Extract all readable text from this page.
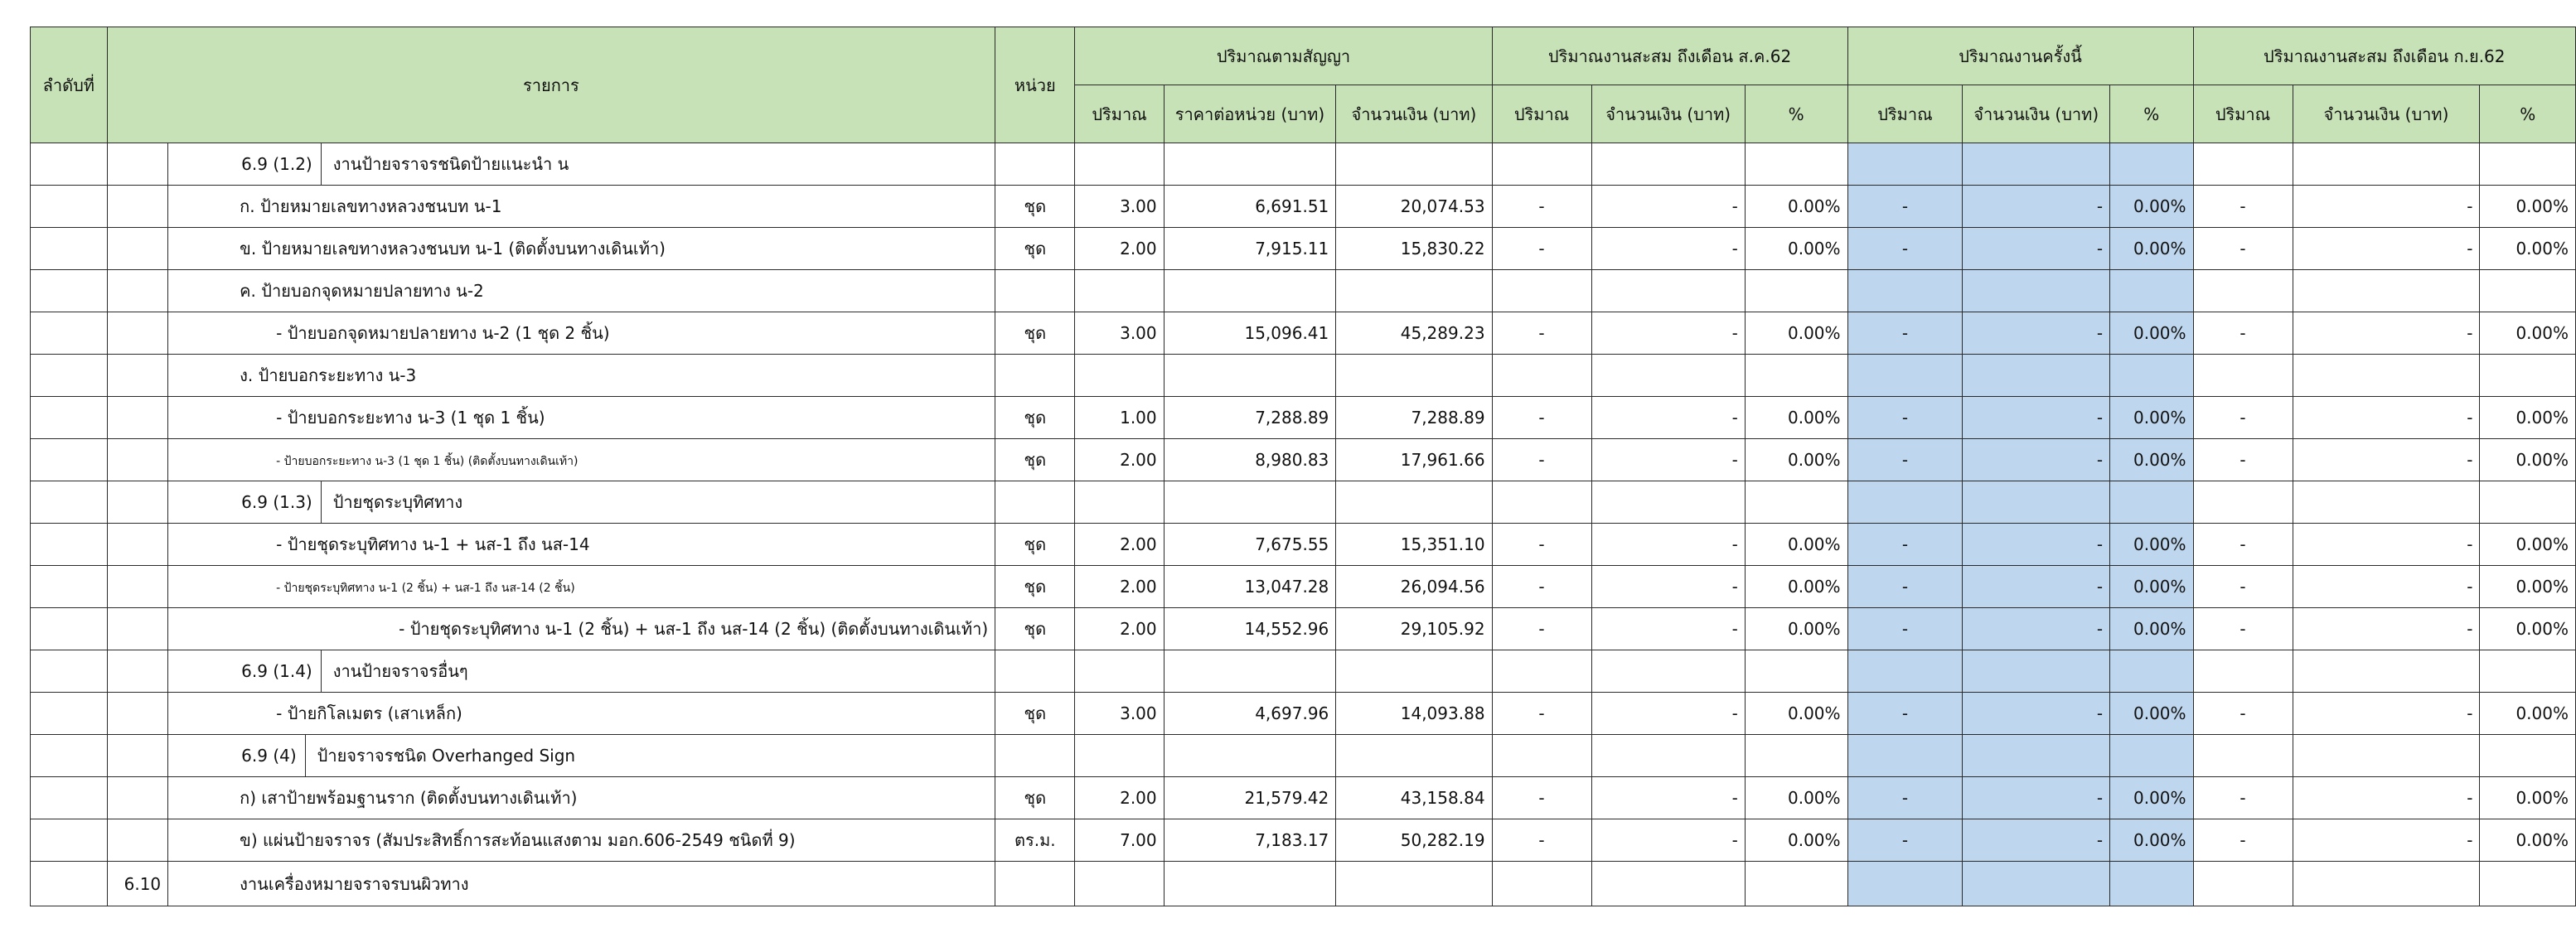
ลำดับที่	รายการ		หน่วย	ปริมาณตามสัญญา			ปริมาณงานสะสม ถึงเดือน ส.ค.62			ปริมาณงานครั้งนี้			ปริมาณงานสะสม ถึงเดือน ก.ย.62		
				ปริมาณ	ราคาต่อหน่วย (บาท)	จำนวนเงิน (บาท)	ปริมาณ	จำนวนเงิน (บาท)	%	ปริมาณ	จำนวนเงิน (บาท)	%	ปริมาณ	จำนวนเงิน (บาท)	%
		6.9 (1.2) งานป้ายจราจรชนิดป้ายแนะนำ น													
		ก. ป้ายหมายเลขทางหลวงชนบท น-1	ชุด	3.00	6,691.51	20,074.53	-	-	0.00%	-	-	0.00%	-	-	0.00%
		ข. ป้ายหมายเลขทางหลวงชนบท น-1 (ติดตั้งบนทางเดินเท้า)	ชุด	2.00	7,915.11	15,830.22	-	-	0.00%	-	-	0.00%	-	-	0.00%
		ค. ป้ายบอกจุดหมายปลายทาง น-2													
		- ป้ายบอกจุดหมายปลายทาง น-2 (1 ชุด 2 ชิ้น)	ชุด	3.00	15,096.41	45,289.23	-	-	0.00%	-	-	0.00%	-	-	0.00%
		ง. ป้ายบอกระยะทาง น-3													
		- ป้ายบอกระยะทาง น-3 (1 ชุด 1 ชิ้น)	ชุด	1.00	7,288.89	7,288.89	-	-	0.00%	-	-	0.00%	-	-	0.00%
		- ป้ายบอกระยะทาง น-3 (1 ชุด 1 ชิ้น) (ติดตั้งบนทางเดินเท้า)	ชุด	2.00	8,980.83	17,961.66	-	-	0.00%	-	-	0.00%	-	-	0.00%
		6.9 (1.3) ป้ายชุดระบุทิศทาง													
		- ป้ายชุดระบุทิศทาง น-1 + นส-1 ถึง นส-14	ชุด	2.00	7,675.55	15,351.10	-	-	0.00%	-	-	0.00%	-	-	0.00%
		- ป้ายชุดระบุทิศทาง น-1 (2 ชิ้น) + นส-1 ถึง นส-14 (2 ชิ้น)	ชุด	2.00	13,047.28	26,094.56	-	-	0.00%	-	-	0.00%	-	-	0.00%
		- ป้ายชุดระบุทิศทาง น-1 (2 ชิ้น) + นส-1 ถึง นส-14 (2 ชิ้น) (ติดตั้งบนทางเดินเท้า)	ชุด	2.00	14,552.96	29,105.92	-	-	0.00%	-	-	0.00%	-	-	0.00%
		6.9 (1.4) งานป้ายจราจรอื่นๆ													
		- ป้ายกิโลเมตร (เสาเหล็ก)	ชุด	3.00	4,697.96	14,093.88	-	-	0.00%	-	-	0.00%	-	-	0.00%
		6.9 (4) ป้ายจราจรชนิด Overhanged Sign													
		ก) เสาป้ายพร้อมฐานราก (ติดตั้งบนทางเดินเท้า)	ชุด	2.00	21,579.42	43,158.84	-	-	0.00%	-	-	0.00%	-	-	0.00%
		ข) แผ่นป้ายจราจร (สัมประสิทธิ์การสะท้อนแสงตาม มอก.606-2549 ชนิดที่ 9)	ตร.ม.	7.00	7,183.17	50,282.19	-	-	0.00%	-	-	0.00%	-	-	0.00%
	6.10	งานเครื่องหมายจราจรบนผิวทาง													
